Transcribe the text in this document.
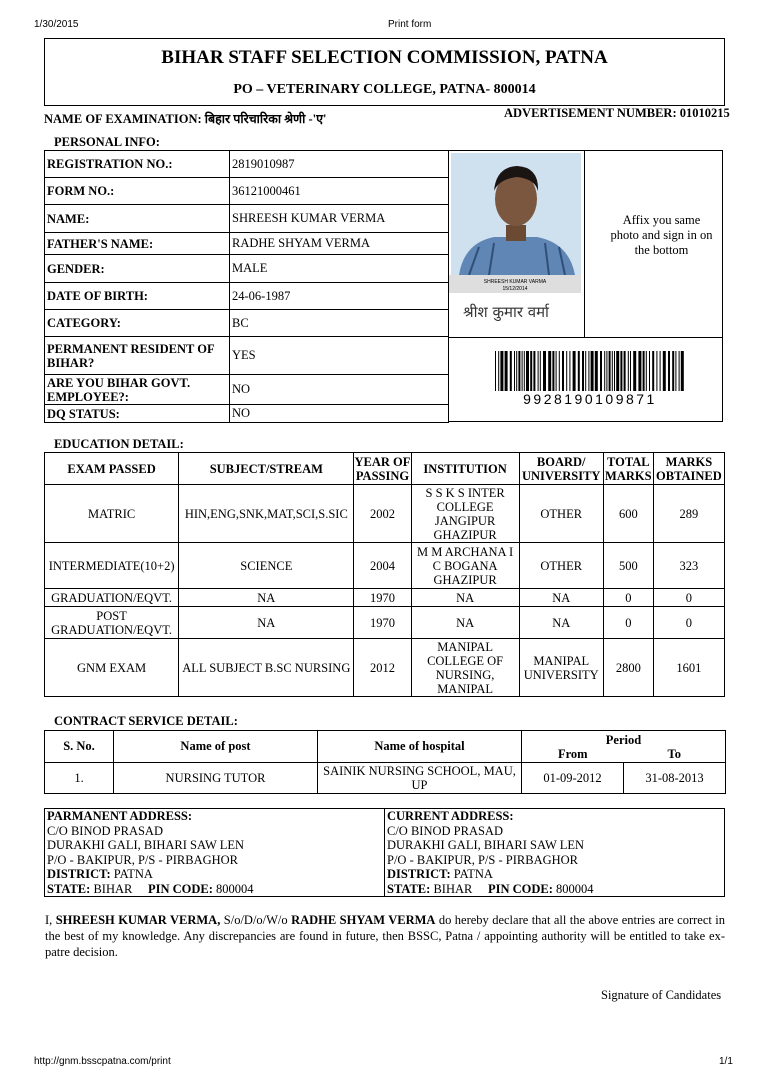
1/30/2015	Print form
http://gnm.bsscpatna.com/print	1/1
BIHAR STAFF SELECTION COMMISSION, PATNA
PO – VETERINARY COLLEGE, PATNA- 800014
NAME OF EXAMINATION: बिहार परिचारिका श्रेणी -'ए'	ADVERTISEMENT NUMBER: 01010215
PERSONAL INFO:
REGISTRATION NO.:	2819010987
FORM NO.:	36121000461
NAME:	SHREESH KUMAR VERMA
FATHER'S NAME:	RADHE SHYAM VERMA
GENDER:	MALE
DATE OF BIRTH:	24-06-1987
CATEGORY:	BC
PERMANENT RESIDENT OF BIHAR?	YES
ARE YOU BIHAR GOVT. EMPLOYEE?:	NO
DQ STATUS:	NO
SHREESH KUMAR VARMA
15/12/2014
श्रीश कुमार वर्मा
Affix you same photo and sign in on the bottom
9928190109871
EDUCATION DETAIL:
EXAM PASSED	SUBJECT/STREAM	YEAR OF PASSING	INSTITUTION	BOARD/ UNIVERSITY	TOTAL MARKS	MARKS OBTAINED
MATRIC	HIN,ENG,SNK,MAT,SCI,S.SIC	2002	S S K S INTER COLLEGE JANGIPUR GHAZIPUR	OTHER	600	289
INTERMEDIATE(10+2)	SCIENCE	2004	M M ARCHANA I C BOGANA GHAZIPUR	OTHER	500	323
GRADUATION/EQVT.	NA	1970	NA	NA	0	0
POST GRADUATION/EQVT.	NA	1970	NA	NA	0	0
GNM EXAM	ALL SUBJECT B.SC NURSING	2012	MANIPAL COLLEGE OF NURSING, MANIPAL	MANIPAL UNIVERSITY	2800	1601
CONTRACT SERVICE DETAIL:
S. No.	Name of post	Name of hospital	Period
From To	

1.	NURSING TUTOR	SAINIK NURSING SCHOOL, MAU, UP	01-09-2012	31-08-2013
PARMANENT ADDRESS:
C/O BINOD PRASAD
DURAKHI GALI, BIHARI SAW LEN
P/O - BAKIPUR, P/S - PIRBAGHOR
DISTRICT: PATNA
STATE: BIHAR PIN CODE: 800004

CURRENT ADDRESS:
C/O BINOD PRASAD
DURAKHI GALI, BIHARI SAW LEN
P/O - BAKIPUR, P/S - PIRBAGHOR
DISTRICT: PATNA
STATE: BIHAR PIN CODE: 800004
I, SHREESH KUMAR VERMA, S/o/D/o/W/o RADHE SHYAM VERMA do hereby declare that all the above entries are correct in the best of my knowledge. Any discrepancies are found in future, then BSSC, Patna / appointing authority will be entitled to take ex-patre decision.
Signature of Candidates
